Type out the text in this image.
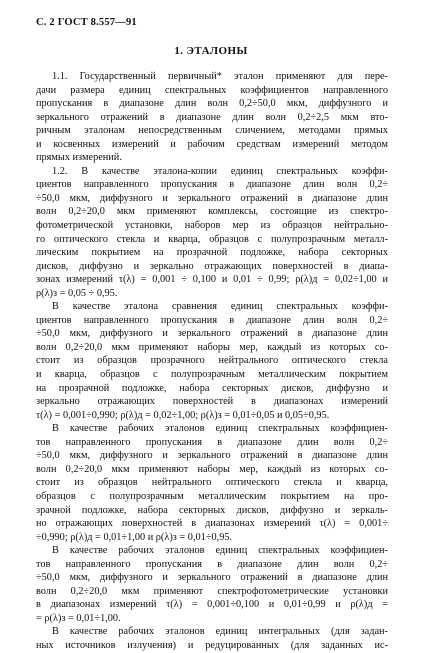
С. 2 ГОСТ 8.557—91
1. ЭТАЛОНЫ

1.1. Государственный первичный* эталон применяют для пере-
дачи размера единиц спектральных коэффициентов направленного
пропускания в диапазоне длин волн 0,2÷50,0 мкм, диффузного и
зеркального отражений в диапазоне длин волн 0,2÷2,5 мкм вто-
ричным эталонам непосредственным сличением, методами прямых
и косвенных измерений и рабочим средствам измерений методом
прямых измерений.

1.2. В качестве эталона-копии единиц спектральных коэффи-
циентов направленного пропускания в диапазоне длин волн 0,2÷
÷50,0 мкм, диффузного и зеркального отражений в диапазоне длин
волн 0,2÷20,0 мкм применяют комплексы, состоящие из спектро-
фотометрической установки, наборов мер из образцов нейтрально-
го оптического стекла и кварца, образцов с полупрозрачным металл-
лическим покрытием на прозрачной подложке, набора секторных
дисков, диффузно и зеркально отражающих поверхностей в диапа-
зонах измерений τ(λ) = 0,001 ÷ 0,100 и 0,01 ÷ 0,99; ρ(λ)д = 0,02÷1,00 и
ρ(λ)з = 0,05 ÷ 0,95.

В качестве эталона сравнения единиц спектральных коэффи-
циентов направленного пропускания в диапазоне длин волн 0,2÷
÷50,0 мкм, диффузного и зеркального отражений в диапазоне длин
волн 0,2÷20,0 мкм применяют наборы мер, каждый из которых со-
стоит из образцов прозрачного нейтрального оптического стекла
и кварца, образцов с полупрозрачным металлическим покрытием
на прозрачной подложке, набора секторных дисков, диффузно и
зеркально отражающих поверхностей в диапазонах измерений
τ(λ) = 0,001÷0,990; ρ(λ)д = 0,02÷1,00; ρ(λ)з = 0,01÷0,05 и 0,05÷0,95.

В качестве рабочих эталонов единиц спектральных коэффициен-
тов направленного пропускания в диапазоне длин волн 0,2÷
÷50,0 мкм, диффузного и зеркального отражений в диапазоне длин
волн 0,2÷20,0 мкм применяют наборы мер, каждый из которых со-
стоит из образцов нейтрального оптического стекла и кварца,
образцов с полупрозрачным металлическим покрытием на про-
зрачной подложке, набора секторных дисков, диффузно и зеркаль-
но отражающих поверхностей в диапазонах измерений τ(λ) = 0,001÷
÷0,990; ρ(λ)д = 0,01÷1,00 и ρ(λ)з = 0,01÷0,95.

В качестве рабочих эталонов единиц спектральных коэффициен-
тов направленного пропускания в диапазоне длин волн 0,2÷
÷50,0 мкм, диффузного и зеркального отражений в диапазоне длин
волн 0,2÷20,0 мкм применяют спектрофотометрические установки
в диапазонах измерений τ(λ) = 0,001÷0,100 и 0,01÷0,99 и ρ(λ)д =
= ρ(λ)з = 0,01÷1,00.

В качестве рабочих эталонов единиц интегральных (для задан-
ных источников излучения) и редуцированных (для заданных ис-
